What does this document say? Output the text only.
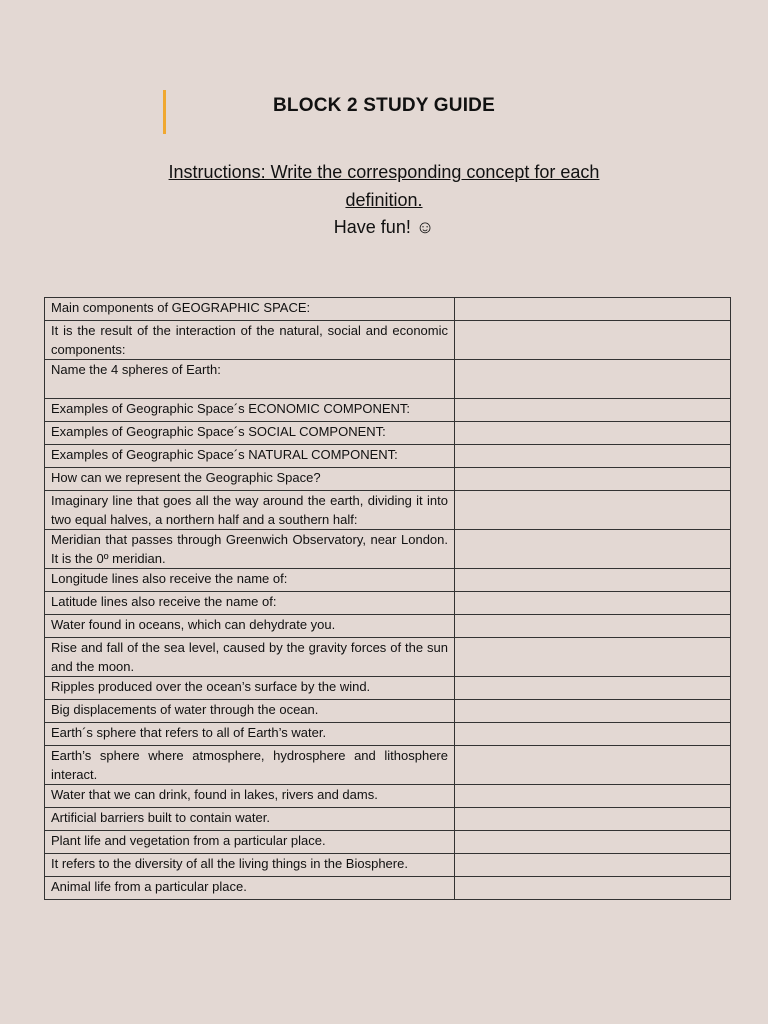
BLOCK 2 STUDY GUIDE
Instructions: Write the corresponding concept for each definition.
Have fun! ☺
Main components of GEOGRAPHIC SPACE:	
It is the result of the interaction of the natural, social and economic components:	
Name the 4 spheres of Earth:	
Examples of Geographic Space´s ECONOMIC COMPONENT:	
Examples of Geographic Space´s SOCIAL COMPONENT:	
Examples of Geographic Space´s NATURAL COMPONENT:	
How can we represent the Geographic Space?	
Imaginary line that goes all the way around the earth, dividing it into two equal halves, a northern half and a southern half:	
Meridian that passes through Greenwich Observatory, near London. It is the 0º meridian.	
Longitude lines also receive the name of:	
Latitude lines also receive the name of:	
Water found in oceans, which can dehydrate you.	
Rise and fall of the sea level, caused by the gravity forces of the sun and the moon.	
Ripples produced over the ocean’s surface by the wind.	
Big displacements of water through the ocean.	
Earth´s sphere that refers to all of Earth’s water.	
Earth’s sphere where atmosphere, hydrosphere and lithosphere interact.	
Water that we can drink, found in lakes, rivers and dams.	
Artificial barriers built to contain water.	
Plant life and vegetation from a particular place.	
It refers to the diversity of all the living things in the Biosphere.	
Animal life from a particular place.	
